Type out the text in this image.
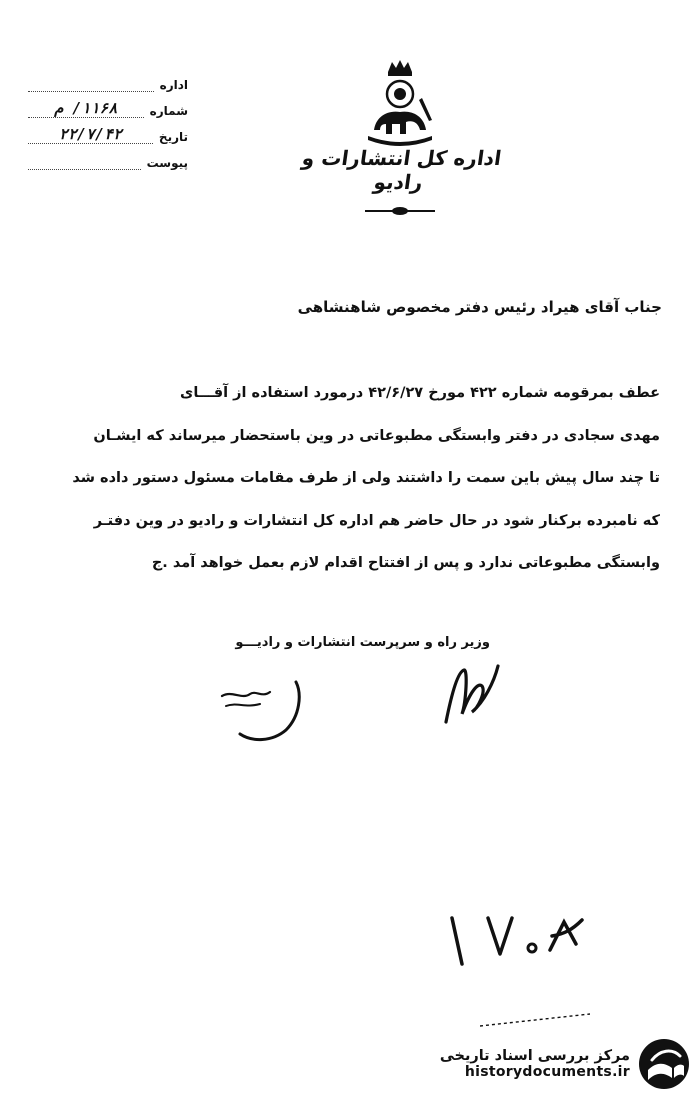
اداره کل انتشارات و رادیو
اداره
شماره
۱۱۶۸/ م
تاریخ
۲۲/۷/۴۲
پیوست
جناب آقای هیراد رئیس دفتر مخصوص شاهنشاهی
عطف بمرقومه شماره ۴۲۲ مورخ ۴۲/۶/۲۷ درمورد استفاده از آقـــای
مهدی سجادی در دفتر وابستگی مطبوعاتی در وین باستحضار میرساند که ایشـان
تا چند سال پیش باین سمت را داشتند ولی از طرف مقامات مسئول دستور داده شد
که نامبرده برکنار شود در حال حاضر هم اداره کل انتشارات و رادیو در وین دفتـر
وابستگی مطبوعاتی ندارد و پس از افتتاح اقدام لازم بعمل خواهد آمد .ج
وزیر راه و سرپرست انتشارات و رادیـــو
مرکز بررسی اسناد تاریخی
historydocuments.ir
